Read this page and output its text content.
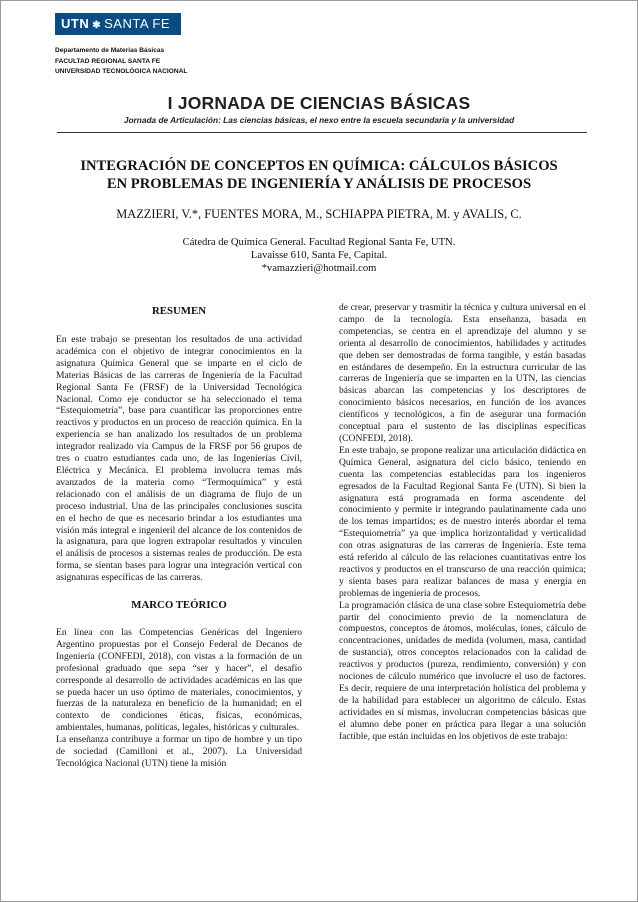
UTN ✱ SANTA FE
Departamento de Materias Básicas
FACULTAD REGIONAL SANTA FE
UNIVERSIDAD TECNOLÓGICA NACIONAL
I JORNADA DE CIENCIAS BÁSICAS
Jornada de Articulación: Las ciencias básicas, el nexo entre la escuela secundaria y la universidad
INTEGRACIÓN DE CONCEPTOS EN QUÍMICA: CÁLCULOS BÁSICOS
EN PROBLEMAS DE INGENIERÍA Y ANÁLISIS DE PROCESOS
MAZZIERI, V.*, FUENTES MORA, M., SCHIAPPA PIETRA, M. y AVALIS, C.
Cátedra de Química General. Facultad Regional Santa Fe, UTN.
Lavaisse 610, Santa Fe, Capital.
*vamazzieri@hotmail.com
RESUMEN

En este trabajo se presentan los resultados de una actividad académica con el objetivo de integrar conocimientos en la asignatura Química General que se imparte en el ciclo de Materias Básicas de las carreras de Ingeniería de la Facultad Regional Santa Fe (FRSF) de la Universidad Tecnológica Nacional. Como eje conductor se ha seleccionado el tema “Estequiometría”, base para cuantificar las proporciones entre reactivos y productos en un proceso de reacción química. En la experiencia se han analizado los resultados de un problema integrador realizado vía Campus de la FRSF por 56 grupos de tres o cuatro estudiantes cada uno, de las Ingenierías Civil, Eléctrica y Mecánica. El problema involucra temas más avanzados de la materia como “Termoquímica” y está relacionado con el análisis de un diagrama de flujo de un proceso industrial. Una de las principales conclusiones suscita en el hecho de que es necesario brindar a los estudiantes una visión más integral e ingenieril del alcance de los contenidos de la asignatura, para que logren extrapolar resultados y vinculen el análisis de procesos a sistemas reales de producción. De esta forma, se sientan bases para lograr una integración vertical con asignaturas específicas de las carreras.

MARCO TEÓRICO

En línea con las Competencias Genéricas del Ingeniero Argentino propuestas por el Consejo Federal de Decanos de Ingeniería (CONFEDI, 2018), con vistas a la formación de un profesional graduado que sepa “ser y hacer”, el desafío corresponde al desarrollo de actividades académicas en las que se pueda hacer un uso óptimo de materiales, conocimientos, y fuerzas de la naturaleza en beneficio de la humanidad; en el contexto de condiciones éticas, físicas, económicas, ambientales, humanas, políticas, legales, históricas y culturales.

La enseñanza contribuye a formar un tipo de hombre y un tipo de sociedad (Camilloni et al., 2007). La Universidad Tecnológica Nacional (UTN) tiene la misión

de crear, preservar y trasmitir la técnica y cultura universal en el campo de la tecnología. Esta enseñanza, basada en competencias, se centra en el aprendizaje del alumno y se orienta al desarrollo de conocimientos, habilidades y actitudes que deben ser demostradas de forma tangible, y están basadas en estándares de desempeño. En la estructura curricular de las carreras de Ingeniería que se imparten en la UTN, las ciencias básicas abarcan las competencias y los descriptores de conocimiento básicos necesarios, en función de los avances científicos y tecnológicos, a fin de asegurar una formación conceptual para el sustento de las disciplinas específicas (CONFEDI, 2018).

En este trabajo, se propone realizar una articulación didáctica en Química General, asignatura del ciclo básico, teniendo en cuenta las competencias establecidas para los ingenieros egresados de la Facultad Regional Santa Fe (UTN). Si bien la asignatura está programada en forma ascendente del conocimiento y permite ir integrando paulatinamente cada uno de los temas impartidos; es de nuestro interés abordar el tema “Estequiometría” ya que implica horizontalidad y verticalidad con otras asignaturas de las carreras de Ingeniería. Este tema está referido al cálculo de las relaciones cuantitativas entre los reactivos y productos en el transcurso de una reacción química; y sienta bases para realizar balances de masa y energía en problemas de ingeniería de procesos.

La programación clásica de una clase sobre Estequiometría debe partir del conocimiento previo de la nomenclatura de compuestos, conceptos de átomos, moléculas, iones, cálculo de concentraciones, unidades de medida (volumen, masa, cantidad de sustancia), otros conceptos relacionados con la calidad de reactivos y productos (pureza, rendimiento, conversión) y con nociones de cálculo numérico que involucre el uso de factores. Es decir, requiere de una interpretación holística del problema y de la habilidad para establecer un algoritmo de cálculo. Estas actividades en sí mismas, involucran competencias básicas que el alumno debe poner en práctica para llegar a una solución factible, que están incluidas en los objetivos de este trabajo:
